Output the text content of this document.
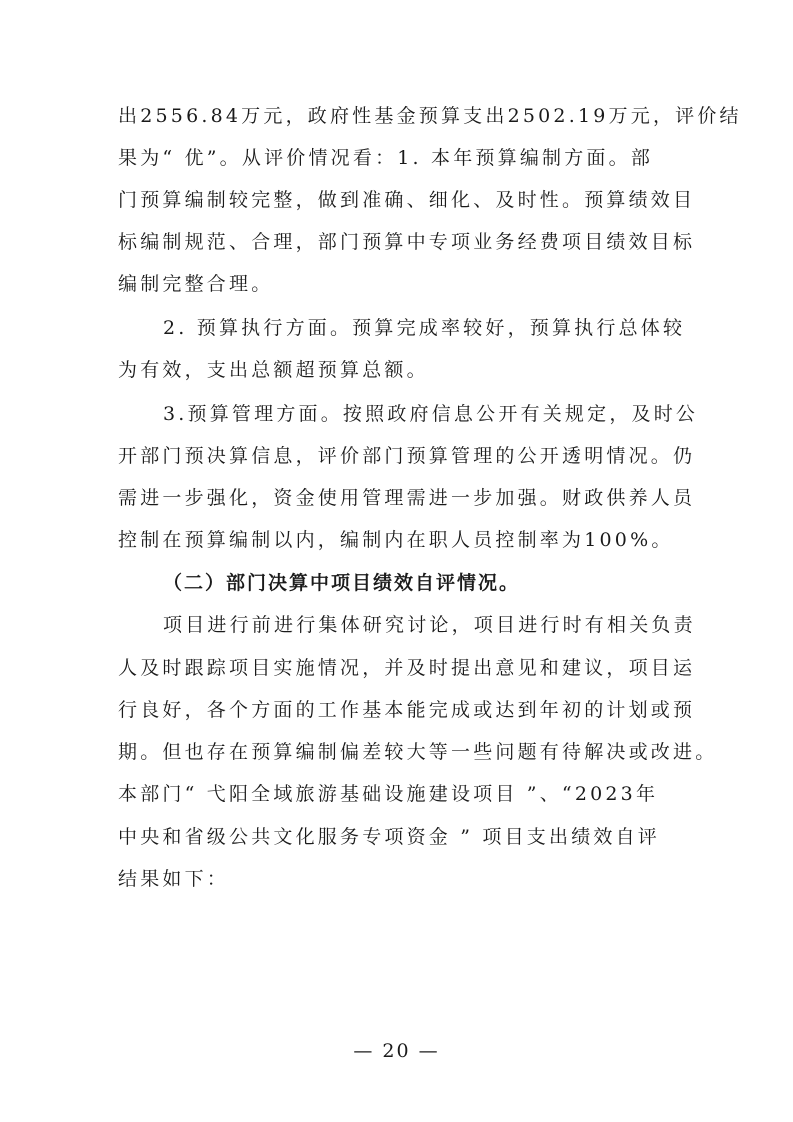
出2556.84万元，政府性基金预算支出2502.19万元，评价结
果为“ 优”。从评价情况看：1. 本年预算编制方面。部
门预算编制较完整，做到准确、细化、及时性。预算绩效目
标编制规范、合理，部门预算中专项业务经费项目绩效目标
编制完整合理。
2. 预算执行方面。预算完成率较好，预算执行总体较
为有效，支出总额超预算总额。
3.预算管理方面。按照政府信息公开有关规定，及时公
开部门预决算信息，评价部门预算管理的公开透明情况。仍
需进一步强化，资金使用管理需进一步加强。财政供养人员
控制在预算编制以内，编制内在职人员控制率为100%。
（二）部门决算中项目绩效自评情况。
项目进行前进行集体研究讨论，项目进行时有相关负责
人及时跟踪项目实施情况，并及时提出意见和建议，项目运
行良好，各个方面的工作基本能完成或达到年初的计划或预
期。但也存在预算编制偏差较大等一些问题有待解决或改进。
本部门“ 弋阳全域旅游基础设施建设项目 ”、“2023年
中央和省级公共文化服务专项资金 ” 项目支出绩效自评
结果如下：
— 20 —
